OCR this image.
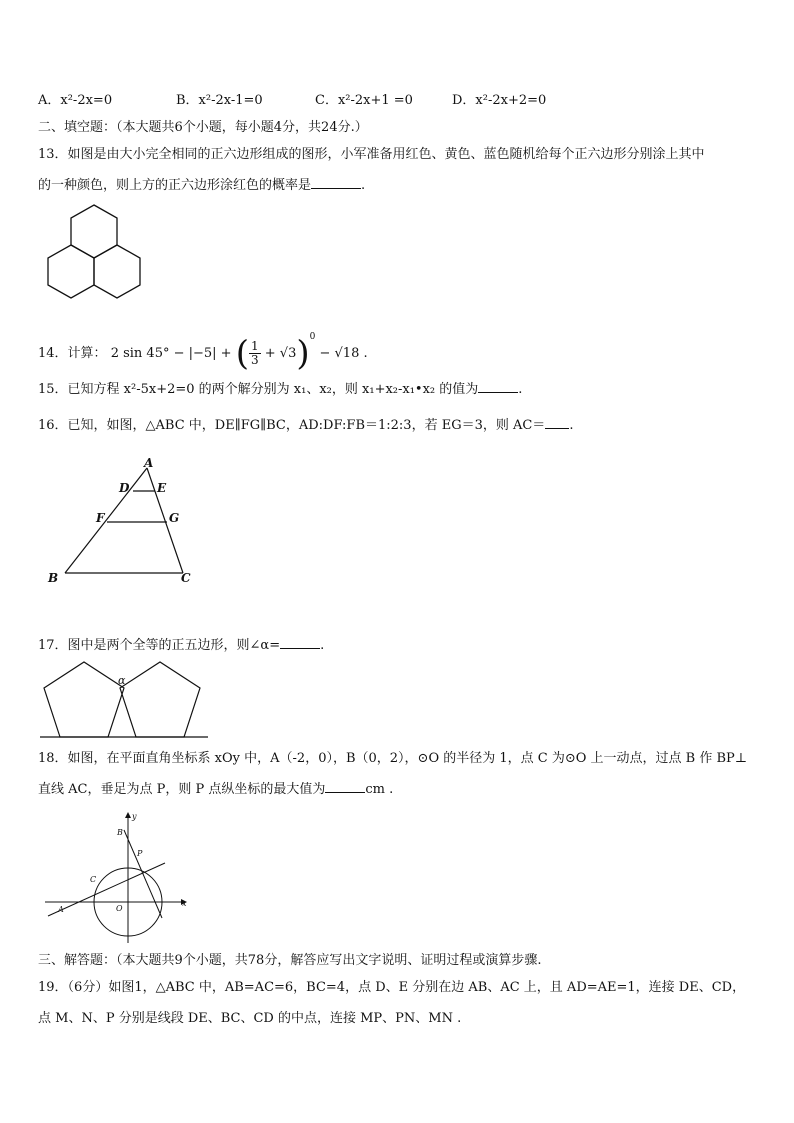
A．x²-2x=0	B．x²-2x-1=0	C．x²-2x+1 =0	D．x²-2x+2=0
二、填空题：（本大题共6个小题，每小题4分，共24分.）
13．如图是由大小完全相同的正六边形组成的图形，小军准备用红色、黄色、蓝色随机给每个正六边形分别涂上其中
的一种颜色，则上方的正六边形涂红色的概率是	.
14．计算： 2 sin 45° − |−5| + ( $\frac{1}{3} + √3)^0 - √18$ .
15．已知方程 x²-5x+2=0 的两个解分别为 x₁、x₂，则 x₁+x₂-x₁•x₂ 的值为	.
16．已知，如图，△ABC 中，DE∥FG∥BC，AD:DF:FB＝1:2:3，若 EG＝3，则 AC＝ .
A
D E
F	G
B	C
17．图中是两个全等的正五边形，则∠α=	.
α
18．如图，在平面直角坐标系 xOy 中，A（-2，0），B（0，2），⊙O 的半径为 1，点 C 为⊙O 上一动点，过点 B 作 BP⊥
直线 AC，垂足为点 P，则 P 点纵坐标的最大值为	cm .
y
x
B
P
C
A	O
三、解答题：（本大题共9个小题，共78分，解答应写出文字说明、证明过程或演算步骤.
19．（6分）如图1，△ABC 中，AB=AC=6，BC=4，点 D、E 分别在边 AB、AC 上，且 AD=AE=1，连接 DE、CD，
点 M、N、P 分别是线段 DE、BC、CD 的中点，连接 MP、PN、MN .
